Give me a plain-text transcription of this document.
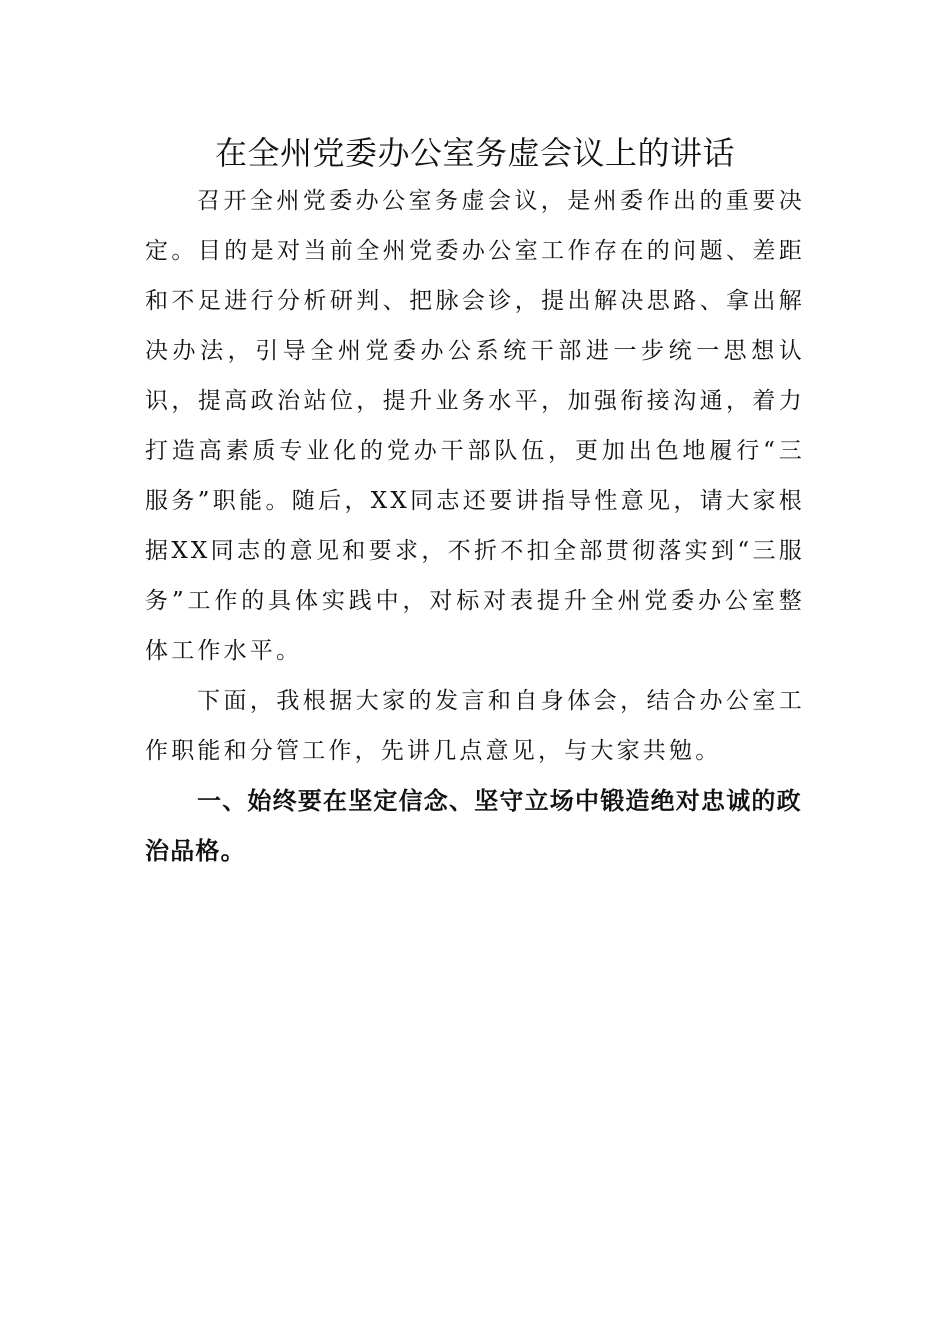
在全州党委办公室务虚会议上的讲话

召开全州党委办公室务虚会议，是州委作出的重要决定。目的是对当前全州党委办公室工作存在的问题、差距和不足进行分析研判、把脉会诊，提出解决思路、拿出解决办法，引导全州党委办公系统干部进一步统一思想认识，提高政治站位，提升业务水平，加强衔接沟通，着力打造高素质专业化的党办干部队伍，更加出色地履行“三服务”职能。随后，XX同志还要讲指导性意见，请大家根据XX同志的意见和要求，不折不扣全部贯彻落实到“三服务”工作的具体实践中，对标对表提升全州党委办公室整体工作水平。

下面，我根据大家的发言和自身体会，结合办公室工作职能和分管工作，先讲几点意见，与大家共勉。

一、始终要在坚定信念、坚守立场中锻造绝对忠诚的政治品格。
